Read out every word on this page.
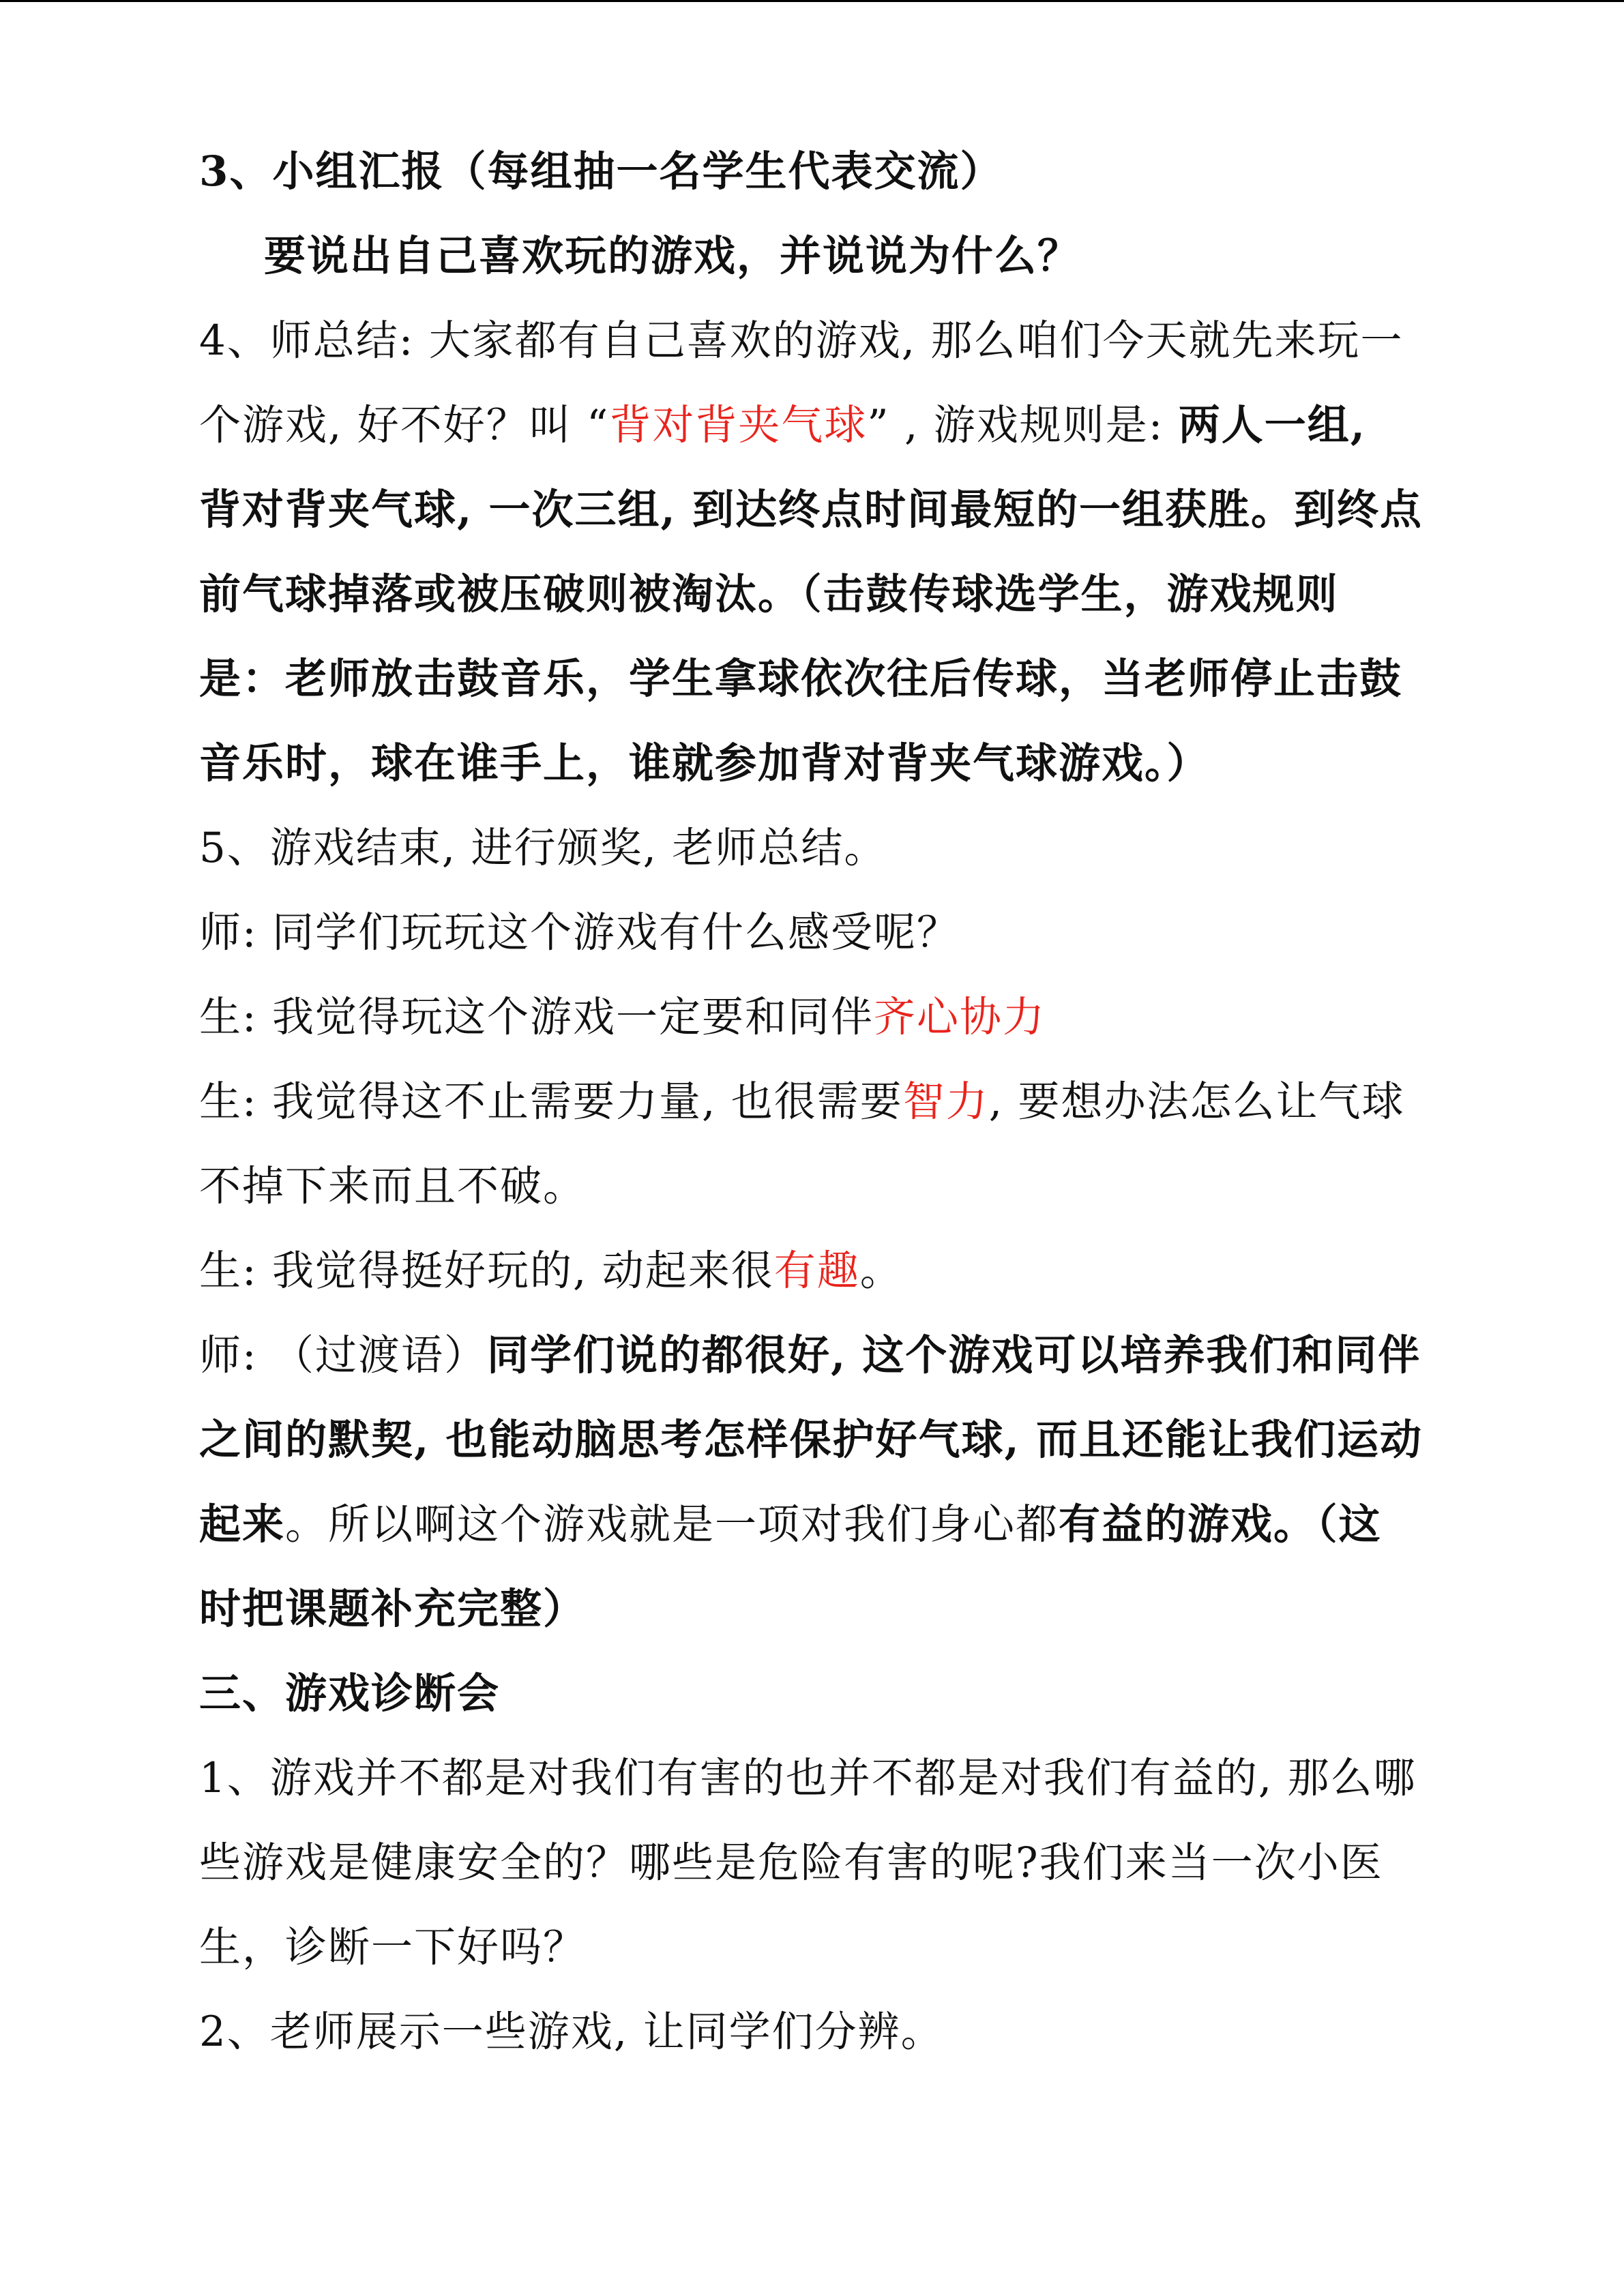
3、小组汇报（每组抽一名学生代表交流）
要说出自己喜欢玩的游戏，并说说为什么？
4、师总结: 大家都有自己喜欢的游戏, 那么咱们今天就先来玩一
个游戏, 好不好？叫 “背对背夹气球” , 游戏规则是: 两人一组,
背对背夹气球, 一次三组, 到达终点时间最短的一组获胜。到终点
前气球掉落或被压破则被淘汰。（击鼓传球选学生，游戏规则
是：老师放击鼓音乐，学生拿球依次往后传球，当老师停止击鼓
音乐时，球在谁手上，谁就参加背对背夹气球游戏。）
5、游戏结束, 进行颁奖, 老师总结。
师: 同学们玩玩这个游戏有什么感受呢？
生: 我觉得玩这个游戏一定要和同伴齐心协力
生: 我觉得这不止需要力量, 也很需要智力, 要想办法怎么让气球
不掉下来而且不破。
生: 我觉得挺好玩的, 动起来很有趣。
师: （过渡语）同学们说的都很好, 这个游戏可以培养我们和同伴
之间的默契, 也能动脑思考怎样保护好气球, 而且还能让我们运动
起来。所以啊这个游戏就是一项对我们身心都有益的游戏。（这
时把课题补充完整）
三、游戏诊断会
1、游戏并不都是对我们有害的也并不都是对我们有益的, 那么哪
些游戏是健康安全的？哪些是危险有害的呢?我们来当一次小医
生，诊断一下好吗？
2、老师展示一些游戏, 让同学们分辨。
